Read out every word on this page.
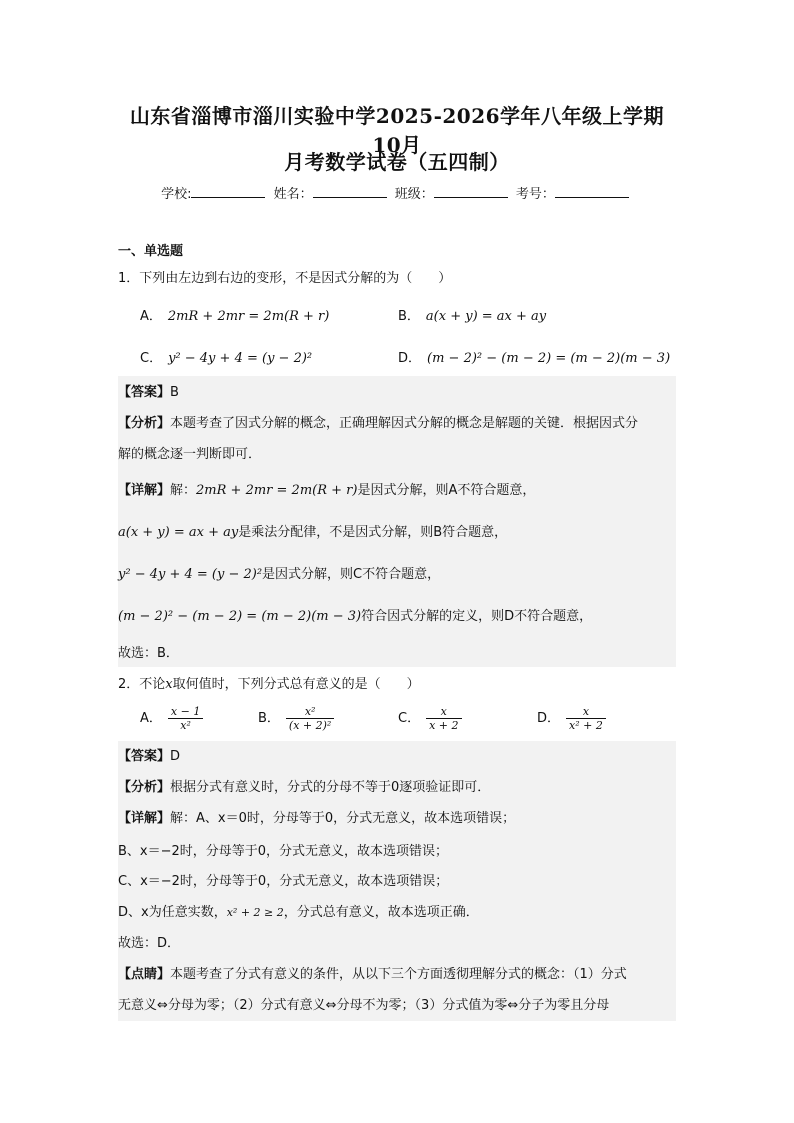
山东省淄博市淄川实验中学2025-2026学年八年级上学期10月
月考数学试卷（五四制）
学校:	姓名：	班级：	考号：
一、单选题
1．下列由左边到右边的变形，不是因式分解的为（　　）
A． 2mR + 2mr = 2m(R + r)	B． a(x + y) = ax + ay
C． y² − 4y + 4 = (y − 2)²	D． (m − 2)² − (m − 2) = (m − 2)(m − 3)
【答案】B
【分析】本题考查了因式分解的概念，正确理解因式分解的概念是解题的关键．根据因式分
解的概念逐一判断即可．
【详解】解：2mR + 2mr = 2m(R + r)是因式分解，则A不符合题意，
a(x + y) = ax + ay是乘法分配律，不是因式分解，则B符合题意，
y² − 4y + 4 = (y − 2)²是因式分解，则C不符合题意，
(m − 2)² − (m − 2) = (m − 2)(m − 3)符合因式分解的定义，则D不符合题意，
故选：B．
2．不论x取何值时，下列分式总有意义的是（　　）
A． $\frac{x - 1}{\text{x²}}$	B． $\frac{\text{x²}}{\text{(x + 2)²}}$	C． $\frac{x}{x + 2}$	D． $\frac{x}{\text{x² + 2}}$
【答案】D
【分析】根据分式有意义时，分式的分母不等于0逐项验证即可．
【详解】解：A、x＝0时，分母等于0，分式无意义，故本选项错误；
B、x＝−2时，分母等于0，分式无意义，故本选项错误；
C、x＝−2时，分母等于0，分式无意义，故本选项错误；
D、x为任意实数，x² + 2 ≥ 2，分式总有意义，故本选项正确．
故选：D．
【点睛】本题考查了分式有意义的条件，从以下三个方面透彻理解分式的概念：（1）分式
无意义⇔分母为零；（2）分式有意义⇔分母不为零；（3）分式值为零⇔分子为零且分母
